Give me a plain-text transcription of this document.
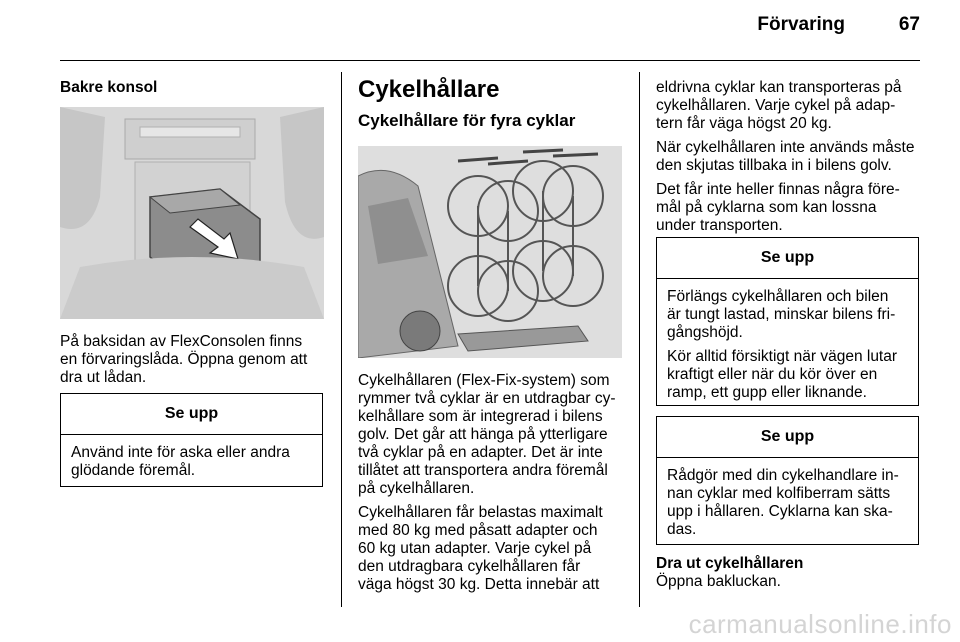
Förvaring	67
Bakre konsol
På baksidan av FlexConsolen finns
en förvaringslåda. Öppna genom att
dra ut lådan.
Se upp
Använd inte för aska eller andra
glödande föremål.
Cykelhållare
Cykelhållare för fyra cyklar

Cykelhållaren (Flex-Fix-system) som
rymmer två cyklar är en utdragbar cy-
kelhållare som är integrerad i bilens
golv. Det går att hänga på ytterligare
två cyklar på en adapter. Det är inte
tillåtet att transportera andra föremål
på cykelhållaren.

Cykelhållaren får belastas maximalt
med 80 kg med påsatt adapter och
60 kg utan adapter. Varje cykel på
den utdragbara cykelhållaren får
väga högst 30 kg. Detta innebär att

eldrivna cyklar kan transporteras på
cykelhållaren. Varje cykel på adap-
tern får väga högst 20 kg.

När cykelhållaren inte används måste
den skjutas tillbaka in i bilens golv.

Det får inte heller finnas några före-
mål på cyklarna som kan lossna
under transporten.

Se upp

Förlängs cykelhållaren och bilen
är tungt lastad, minskar bilens fri-
gångshöjd.

Kör alltid försiktigt när vägen lutar
kraftigt eller när du kör över en
ramp, ett gupp eller liknande.

Se upp
Rådgör med din cykelhandlare in-
nan cyklar med kolfiberram sätts
upp i hållaren. Cyklarna kan ska-
das.
Dra ut cykelhållaren
Öppna bakluckan.
carmanualsonline.info
